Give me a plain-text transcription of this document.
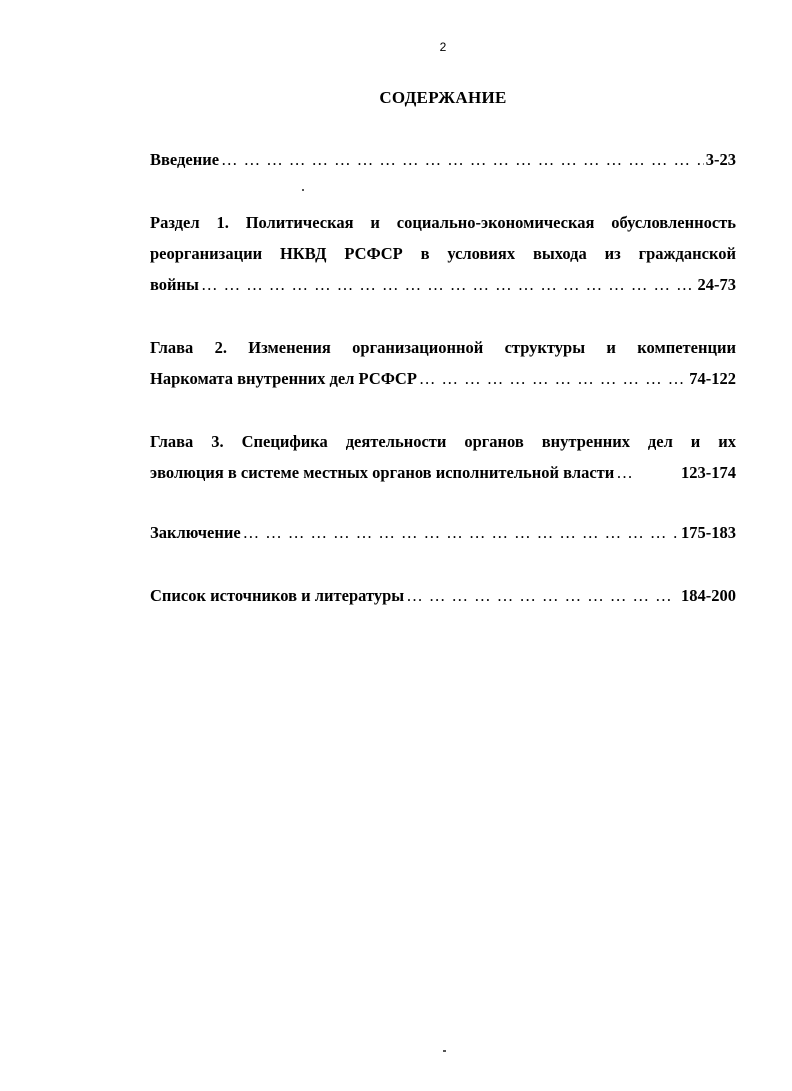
2
СОДЕРЖАНИЕ
Введение … … … … … … … … … … … … … … … … … … … … … … … … … … … … … … … … … … … … … … … … … … … … … … … … …	3-23
Раздел 1. Политическая и социально-экономическая обусловленность
реорганизации НКВД РСФСР в условиях выхода из гражданской
войны … … … … … … … … … … … … … … … … … … … … … … … … … … … … … … … … … … … … … … … … … … … … … … … … …	24-73
Глава 2. Изменения организационной структуры и компетенции
Наркомата внутренних дел РСФСР … … … … … … … … … … … … … … … … … … … … … … … … … … … … … … … … … … … … … … … … … … … … … … … … …	74-122
Глава 3. Специфика деятельности органов внутренних дел и их
эволюция в системе местных органов исполнительной власти … … … … … … … … … … … … … … … … … … … … … … … … … … … … … … … … … … … … … … … … … … … … … … … … …	123-174
Заключение … … … … … … … … … … … … … … … … … … … … … … … … … … … … … … … … … … … … … … … … … … … … … … … … …	175-183
Список источников и литературы … … … … … … … … … … … … … … … … … … … … … … … … … … … … … … … … … … … … … … … … … … … … … … … … …	184-200
